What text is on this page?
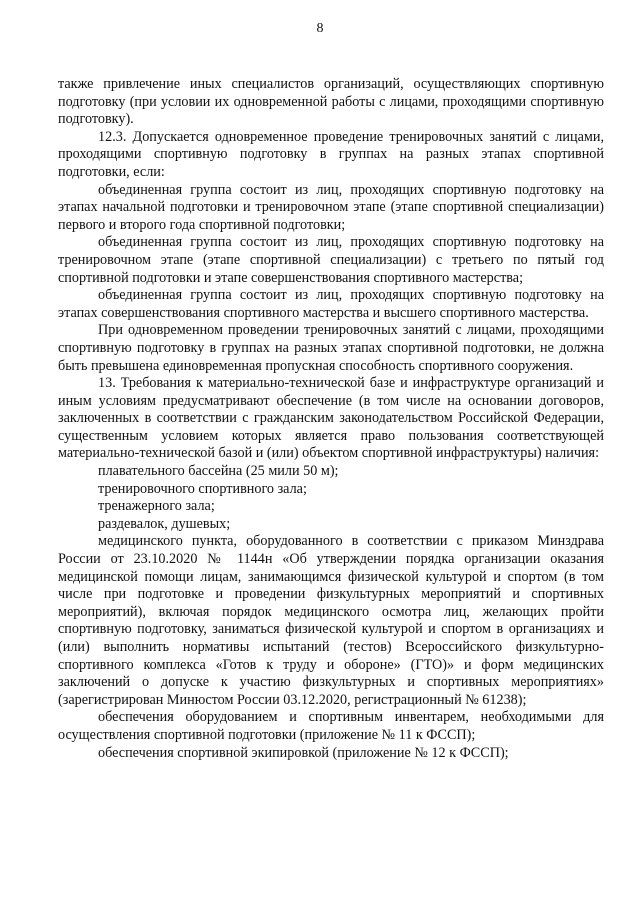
8

также привлечение иных специалистов организаций, осуществляющих спортивную подготовку (при условии их одновременной работы с лицами, проходящими спортивную подготовку).

12.3. Допускается одновременное проведение тренировочных занятий с лицами, проходящими спортивную подготовку в группах на разных этапах спортивной подготовки, если:

объединенная группа состоит из лиц, проходящих спортивную подготовку на этапах начальной подготовки и тренировочном этапе (этапе спортивной специализации) первого и второго года спортивной подготовки;

объединенная группа состоит из лиц, проходящих спортивную подготовку на тренировочном этапе (этапе спортивной специализации) с третьего по пятый год спортивной подготовки и этапе совершенствования спортивного мастерства;

объединенная группа состоит из лиц, проходящих спортивную подготовку на этапах совершенствования спортивного мастерства и высшего спортивного мастерства.

При одновременном проведении тренировочных занятий с лицами, проходящими спортивную подготовку в группах на разных этапах спортивной подготовки, не должна быть превышена единовременная пропускная способность спортивного сооружения.

13. Требования к материально-технической базе и инфраструктуре организаций и иным условиям предусматривают обеспечение (в том числе на основании договоров, заключенных в соответствии с гражданским законодательством Российской Федерации, существенным условием которых является право пользования соответствующей материально-технической базой и (или) объектом спортивной инфраструктуры) наличия:

плавательного бассейна (25 мили 50 м);

тренировочного спортивного зала;

тренажерного зала;

раздевалок, душевых;

медицинского пункта, оборудованного в соответствии с приказом Минздрава России от 23.10.2020 № 1144н «Об утверждении порядка организации оказания медицинской помощи лицам, занимающимся физической культурой и спортом (в том числе при подготовке и проведении физкультурных мероприятий и спортивных мероприятий), включая порядок медицинского осмотра лиц, желающих пройти спортивную подготовку, заниматься физической культурой и спортом в организациях и (или) выполнить нормативы испытаний (тестов) Всероссийского физкультурно-спортивного комплекса «Готов к труду и обороне» (ГТО)» и форм медицинских заключений о допуске к участию физкультурных и спортивных мероприятиях» (зарегистрирован Минюстом России 03.12.2020, регистрационный № 61238);

обеспечения оборудованием и спортивным инвентарем, необходимыми для осуществления спортивной подготовки (приложение № 11 к ФССП);

обеспечения спортивной экипировкой (приложение № 12 к ФССП);
